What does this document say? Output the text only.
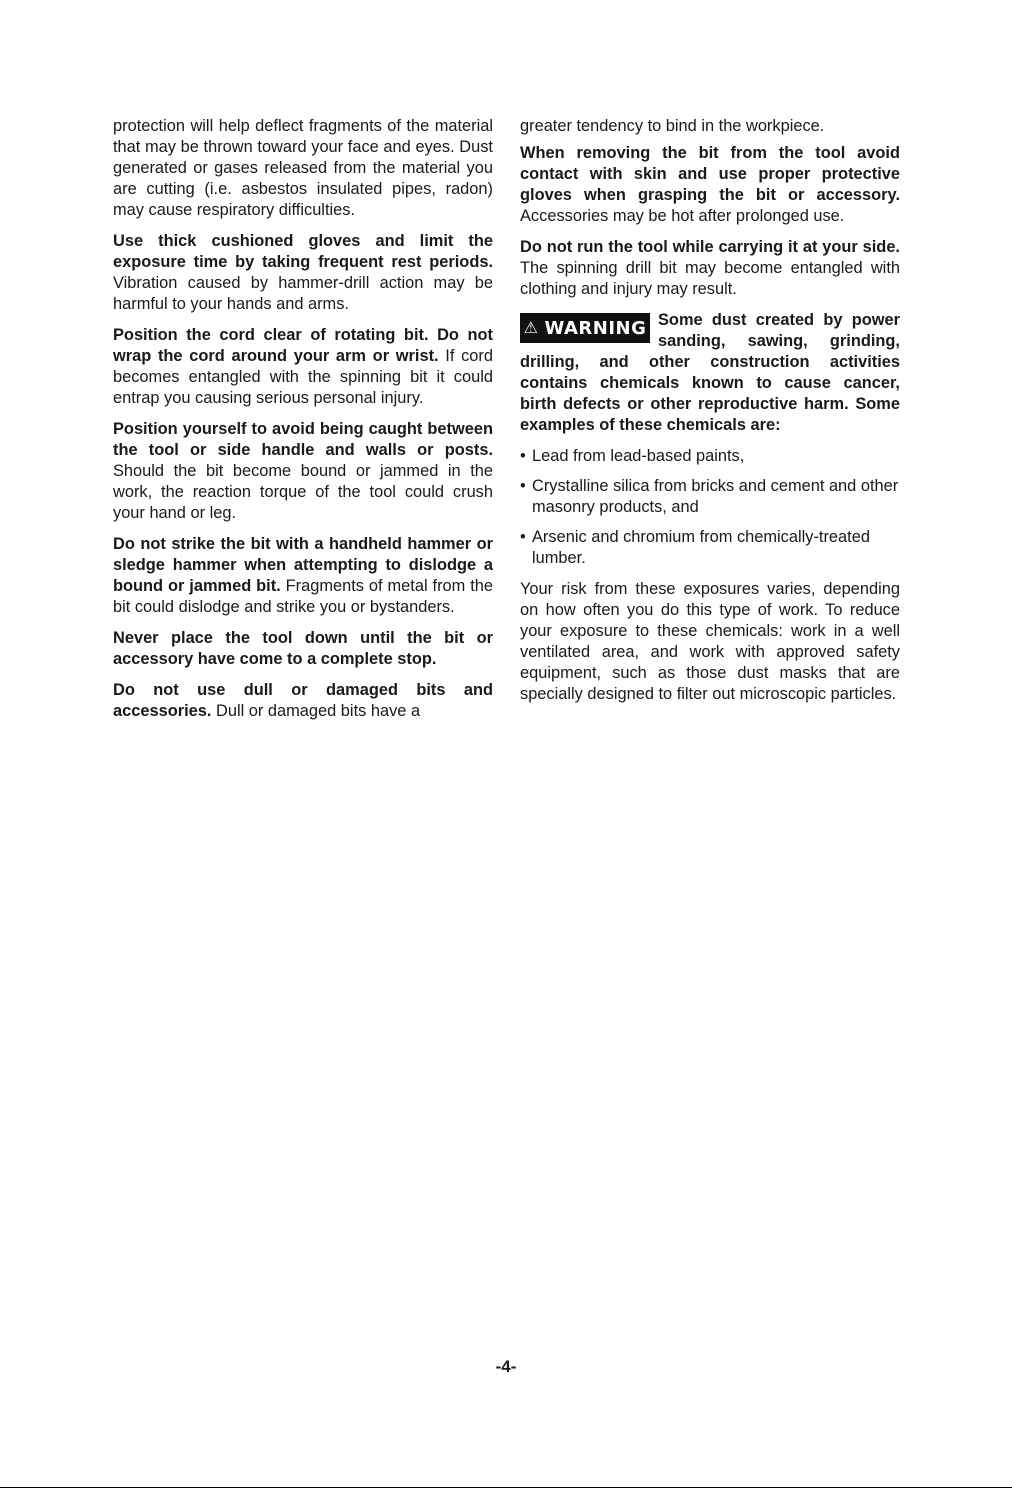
protection will help deflect fragments of the material that may be thrown toward your face and eyes. Dust generated or gases released from the material you are cutting (i.e. asbestos insulated pipes, radon) may cause respiratory difficulties.

Use thick cushioned gloves and limit the exposure time by taking frequent rest periods. Vibration caused by hammer-drill action may be harmful to your hands and arms.

Position the cord clear of rotating bit. Do not wrap the cord around your arm or wrist. If cord becomes entangled with the spinning bit it could entrap you causing serious personal injury.

Position yourself to avoid being caught between the tool or side handle and walls or posts. Should the bit become bound or jammed in the work, the reaction torque of the tool could crush your hand or leg.

Do not strike the bit with a handheld hammer or sledge hammer when attempting to dislodge a bound or jammed bit. Fragments of metal from the bit could dislodge and strike you or bystanders.

Never place the tool down until the bit or accessory have come to a complete stop.

Do not use dull or damaged bits and accessories. Dull or damaged bits have a

greater tendency to bind in the workpiece.

When removing the bit from the tool avoid contact with skin and use proper protective gloves when grasping the bit or accessory. Accessories may be hot after prolonged use.

Do not run the tool while carrying it at your side. The spinning drill bit may become entangled with clothing and injury may result.

⚠ WARNING Some dust created by power sanding, sawing, grinding, drilling, and other construction activities contains chemicals known to cause cancer, birth defects or other reproductive harm. Some examples of these chemicals are:

• Lead from lead-based paints,
• Crystalline silica from bricks and cement and other masonry products, and
• Arsenic and chromium from chemically-treated lumber.

Your risk from these exposures varies, depending on how often you do this type of work. To reduce your exposure to these chemicals: work in a well ventilated area, and work with approved safety equipment, such as those dust masks that are specially designed to filter out microscopic particles.

-4-
